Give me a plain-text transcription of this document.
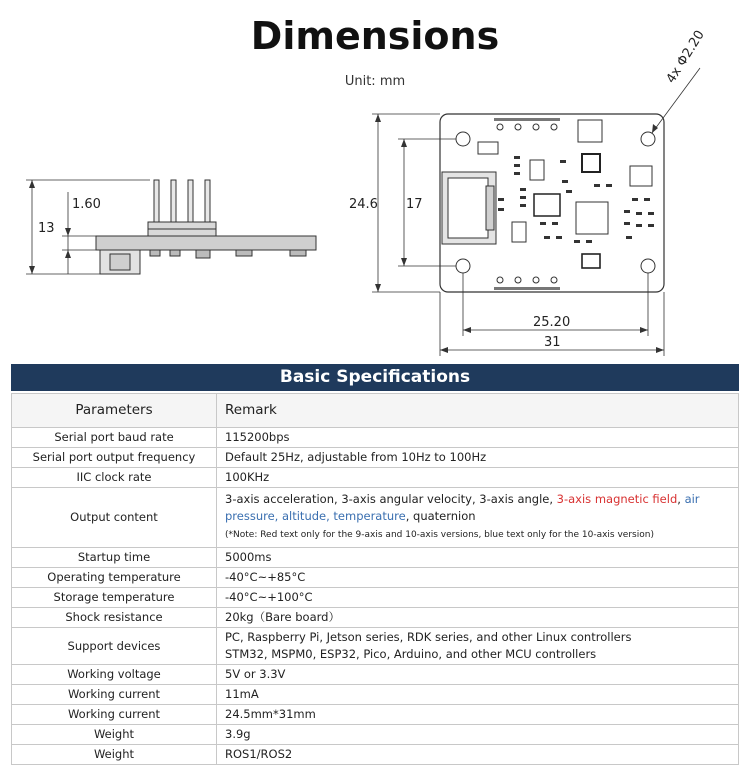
Dimensions
Unit: mm
13
1.60	24.6 17
25.20
31
4x Φ2.20
Basic Specifications
Parameters	Remark
Serial port baud rate	115200bps
Serial port output frequency	Default 25Hz, adjustable from 10Hz to 100Hz
IIC clock rate	100KHz
Output content	3-axis acceleration, 3-axis angular velocity, 3-axis angle, 3-axis magnetic field, air pressure, altitude, temperature, quaternion
(*Note: Red text only for the 9-axis and 10-axis versions, blue text only for the 10-axis version)
Startup time	5000ms
Operating temperature	-40°C~+85°C
Storage temperature	-40°C~+100°C
Shock resistance	20kg（Bare board）
Support devices	PC, Raspberry Pi, Jetson series, RDK series, and other Linux controllers
STM32, MSPM0, ESP32, Pico, Arduino, and other MCU controllers
Working voltage	5V or 3.3V
Working current	11mA
Working current	24.5mm*31mm
Weight	3.9g
Weight	ROS1/ROS2
